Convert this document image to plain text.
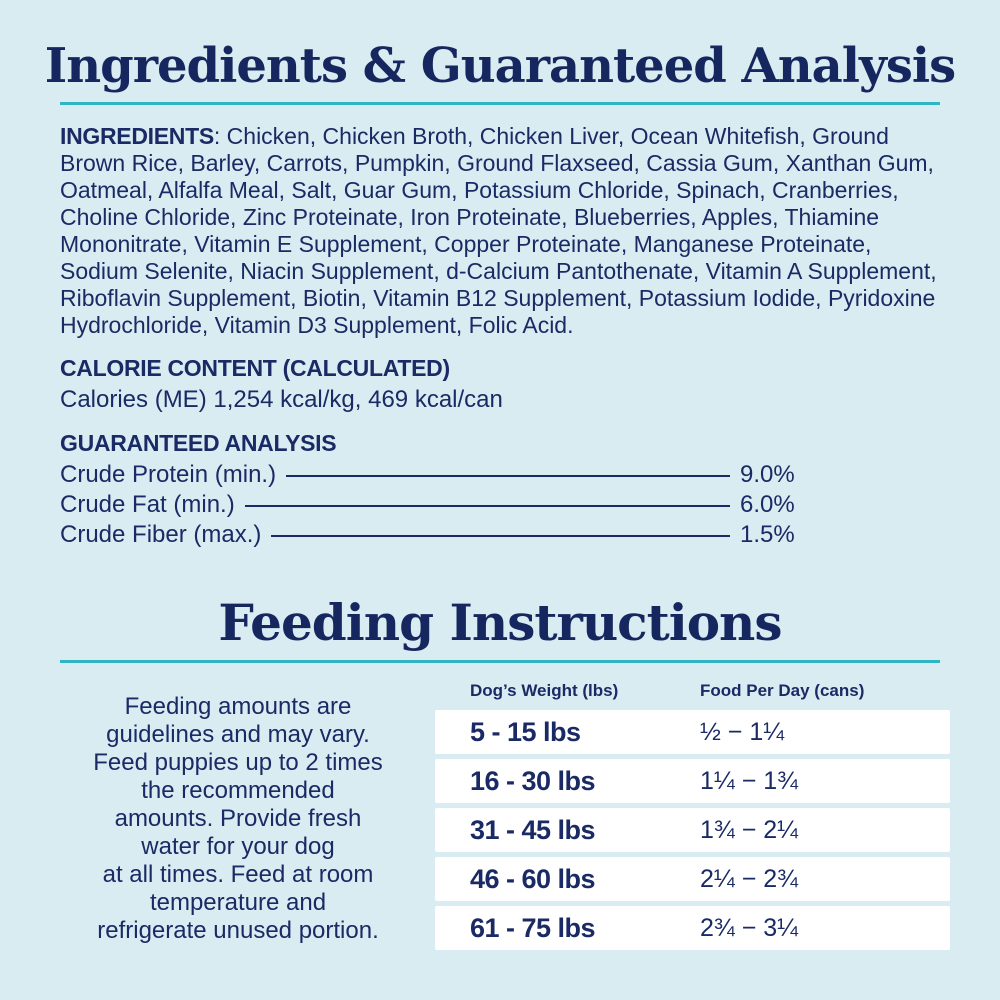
Ingredients & Guaranteed Analysis

INGREDIENTS: Chicken, Chicken Broth, Chicken Liver, Ocean Whitefish, Ground Brown Rice, Barley, Carrots, Pumpkin, Ground Flaxseed, Cassia Gum, Xanthan Gum, Oatmeal, Alfalfa Meal, Salt, Guar Gum, Potassium Chloride, Spinach, Cranberries, Choline Chloride, Zinc Proteinate, Iron Proteinate, Blueberries, Apples, Thiamine Mononitrate, Vitamin E Supplement, Copper Proteinate, Manganese Proteinate, Sodium Selenite, Niacin Supplement, d-Calcium Pantothenate, Vitamin A Supplement, Riboflavin Supplement, Biotin, Vitamin B12 Supplement, Potassium Iodide, Pyridoxine Hydrochloride, Vitamin D3 Supplement, Folic Acid.

CALORIE CONTENT (CALCULATED)

Calories (ME) 1,254 kcal/kg, 469 kcal/can

GUARANTEED ANALYSIS
Crude Protein (min.)	9.0%
Crude Fat (min.)	6.0%
Crude Fiber (max.)	1.5%
Feeding Instructions

Feeding amounts are
guidelines and may vary.
Feed puppies up to 2 times
the recommended
amounts. Provide fresh
water for your dog
at all times. Feed at room
temperature and
refrigerate unused portion.

Dog’s Weight (lbs)	Food Per Day (cans)
5 - 15 lbs	½ − 1¼
16 - 30 lbs	1¼ − 1¾
31 - 45 lbs	1¾ − 2¼
46 - 60 lbs	2¼ − 2¾
61 - 75 lbs	2¾ − 3¼
